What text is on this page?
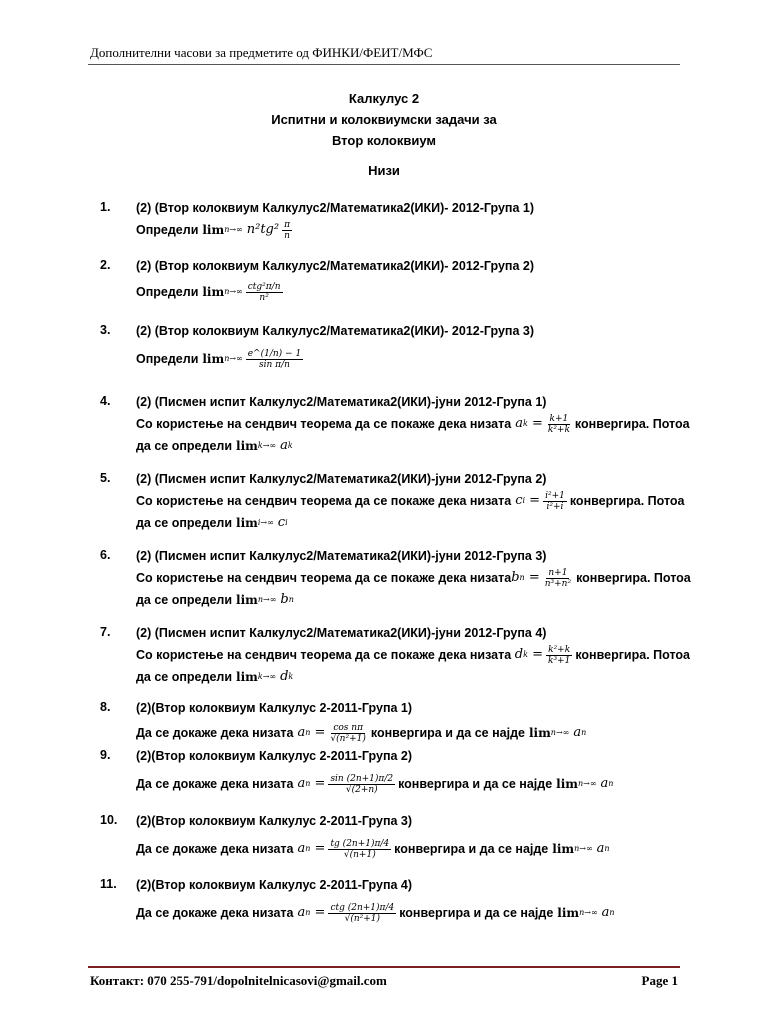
Дополнителни часови за предметите од ФИНКИ/ФЕИТ/МФС
Калкулус 2
Испитни и колоквиумски задачи за
Втор колоквиум
Низи
1.	(2) (Втор колоквиум Калкулус2/Математика2(ИКИ)- 2012-Група 1)
Определи lim n→∞ $n^2tg^2 \frac{\pi}{n}$
2.	(2) (Втор колоквиум Калкулус2/Математика2(ИКИ)- 2012-Група 2)
Определи $\lim n\to\infty \frac{\text{ctg²π/n}}{\text{n²}}$
3.	(2) (Втор колоквиум Калкулус2/Математика2(ИКИ)- 2012-Група 3)
Определи $\lim n\to\infty \frac{e\^{}(1/n) - 1}{\text{sin π/n}}$
4.	(2) (Писмен испит Калкулус2/Математика2(ИКИ)-јуни 2012-Група 1)
Со користење на сендвич теорема да се покаже дека низата a $k = \frac{k+1}{\text{k²+k}}$ конвергира. Потоа
да се определи lim k→∞ a k
5.	(2) (Писмен испит Калкулус2/Математика2(ИКИ)-јуни 2012-Група 2)
Со користење на сендвич теорема да се покаже дека низата c $i = \frac{\text{i²+1}}{\text{i²+i}}$ конвергира. Потоа
да се определи lim i→∞ c i
6.	(2) (Писмен испит Калкулус2/Математика2(ИКИ)-јуни 2012-Група 3)
Со користење на сендвич теорема да се покаже дека низата b $n = \frac{n+1}{\text{n³+n²}}$ конвергира. Потоа
да се определи lim n→∞ b n
7.	(2) (Писмен испит Калкулус2/Математика2(ИКИ)-јуни 2012-Група 4)
Со користење на сендвич теорема да се покаже дека низата d $k = \frac{\text{k²+k}}{\text{k³+1}}$ конвергира. Потоа
да се определи lim k→∞ d k
8.	(2)(Втор колоквиум Калкулус 2-2011-Група 1)
Да се докаже дека низата a $n = \frac{\text{cos nπ}}{\text{√(n²+1)}}$ конвергира и да се најде lim n→∞ a n
9.	(2)(Втор колоквиум Калкулус 2-2011-Група 2)
Да се докаже дека низата a $n = \frac{\sin (2n+1)\pi/2}{√(2+n)}$ конвергира и да се најде lim n→∞ a n
10.	(2)(Втор колоквиум Калкулус 2-2011-Група 3)
Да се докаже дека низата a $n = \frac{tg (2n+1)\pi/4}{√(n+1)}$ конвергира и да се најде lim n→∞ a n
11.	(2)(Втор колоквиум Калкулус 2-2011-Група 4)
Да се докаже дека низата a $n = \frac{\text{ctg (2n+1)π/4}}{\text{√(n²+1)}}$ конвергира и да се најде lim n→∞ a n
Контакт: 070 255-791/dopolnitelnicasovi@gmail.com	Page 1
